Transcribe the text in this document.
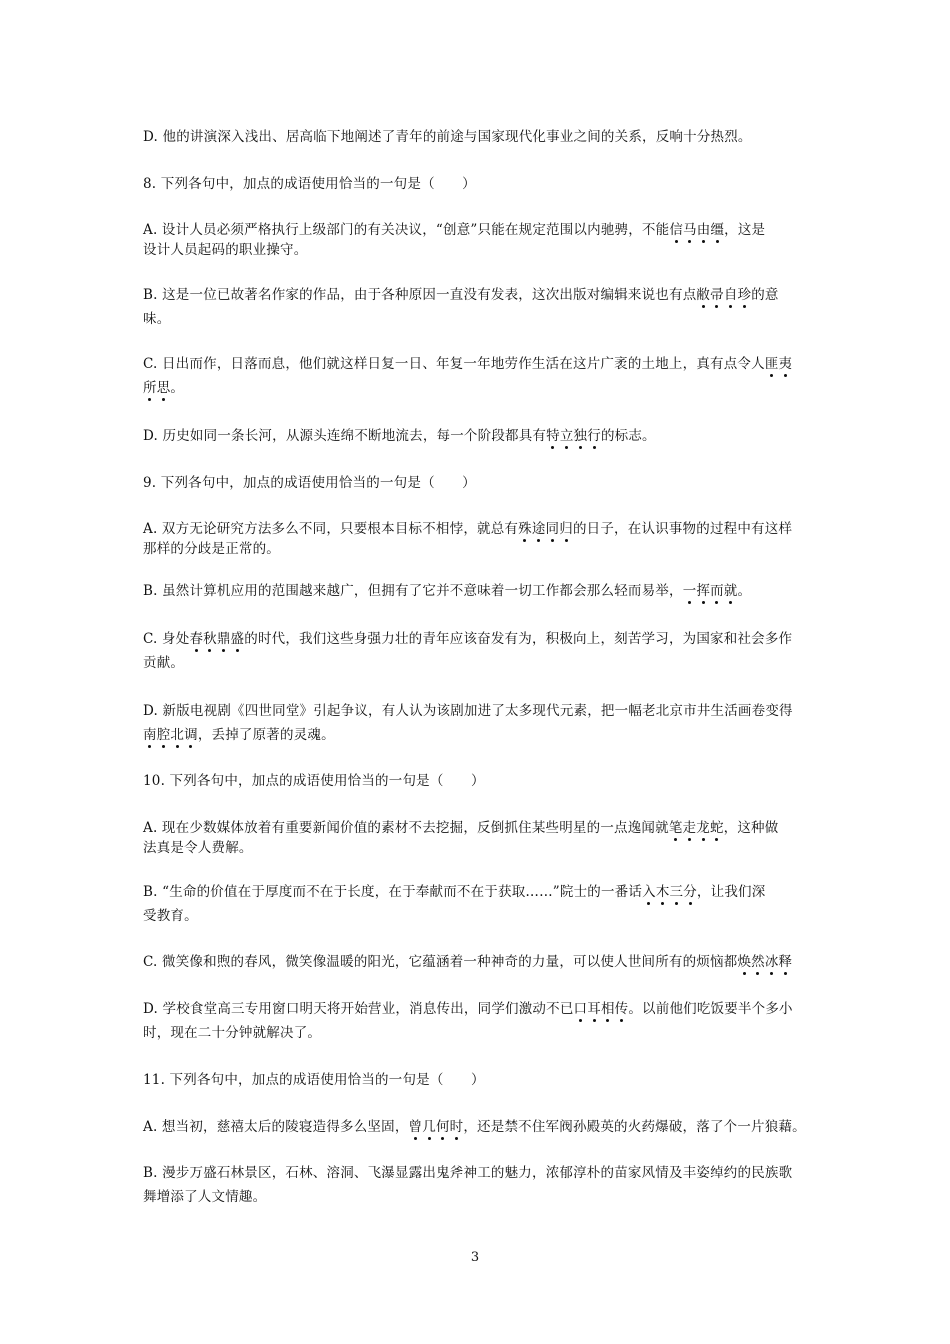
3
D. 他的讲演深入浅出、居高临下地阐述了青年的前途与国家现代化事业之间的关系，反响十分热烈。
8. 下列各句中，加点的成语使用恰当的一句是（　　）
A. 设计人员必须严格执行上级部门的有关决议，“创意”只能在规定范围以内驰骋，不能信
马
由
缰
，这是
设计人员起码的职业操守。
B. 这是一位已故著名作家的作品，由于各种原因一直没有发表，这次出版对编辑来说也有点敝
帚
自
珍
的意
味。
C. 日出而作，日落而息，他们就这样日复一日、年复一年地劳作生活在这片广袤的土地上，真有点令人匪
夷
所
思
。
D. 历史如同一条长河，从源头连绵不断地流去，每一个阶段都具有特
立
独
行
的标志。
9. 下列各句中，加点的成语使用恰当的一句是（　　）
A. 双方无论研究方法多么不同，只要根本目标不相悖，就总有殊
途
同
归
的日子，在认识事物的过程中有这样
那样的分歧是正常的。
B. 虽然计算机应用的范围越来越广，但拥有了它并不意味着一切工作都会那么轻而易举，一
挥
而
就
。
C. 身处春
秋
鼎
盛
的时代，我们这些身强力壮的青年应该奋发有为，积极向上，刻苦学习，为国家和社会多作
贡献。
D. 新版电视剧《四世同堂》引起争议，有人认为该剧加进了太多现代元素，把一幅老北京市井生活画卷变得
南
腔
北
调
，丢掉了原著的灵魂。
10. 下列各句中，加点的成语使用恰当的一句是（　　）
A. 现在少数媒体放着有重要新闻价值的素材不去挖掘，反倒抓住某些明星的一点逸闻就笔
走
龙
蛇
，这种做
法真是令人费解。
B. “生命的价值在于厚度而不在于长度，在于奉献而不在于获取……”院士的一番话入
木
三
分
，让我们深
受教育。
C. 微笑像和煦的春风，微笑像温暖的阳光，它蕴涵着一种神奇的力量，可以使人世间所有的烦恼都焕
然
冰
释
D. 学校食堂高三专用窗口明天将开始营业，消息传出，同学们激动不已口
耳
相
传
。以前他们吃饭要半个多小
时，现在二十分钟就解决了。
11. 下列各句中，加点的成语使用恰当的一句是（　　）
A. 想当初，慈禧太后的陵寝造得多么坚固，曾
几
何
时
，还是禁不住军阀孙殿英的火药爆破，落了个一片狼藉。
B. 漫步万盛石林景区，石林、溶洞、飞瀑显露出鬼斧神工的魅力，浓郁淳朴的苗家风情及丰姿绰约的民族歌
舞增添了人文情趣。
